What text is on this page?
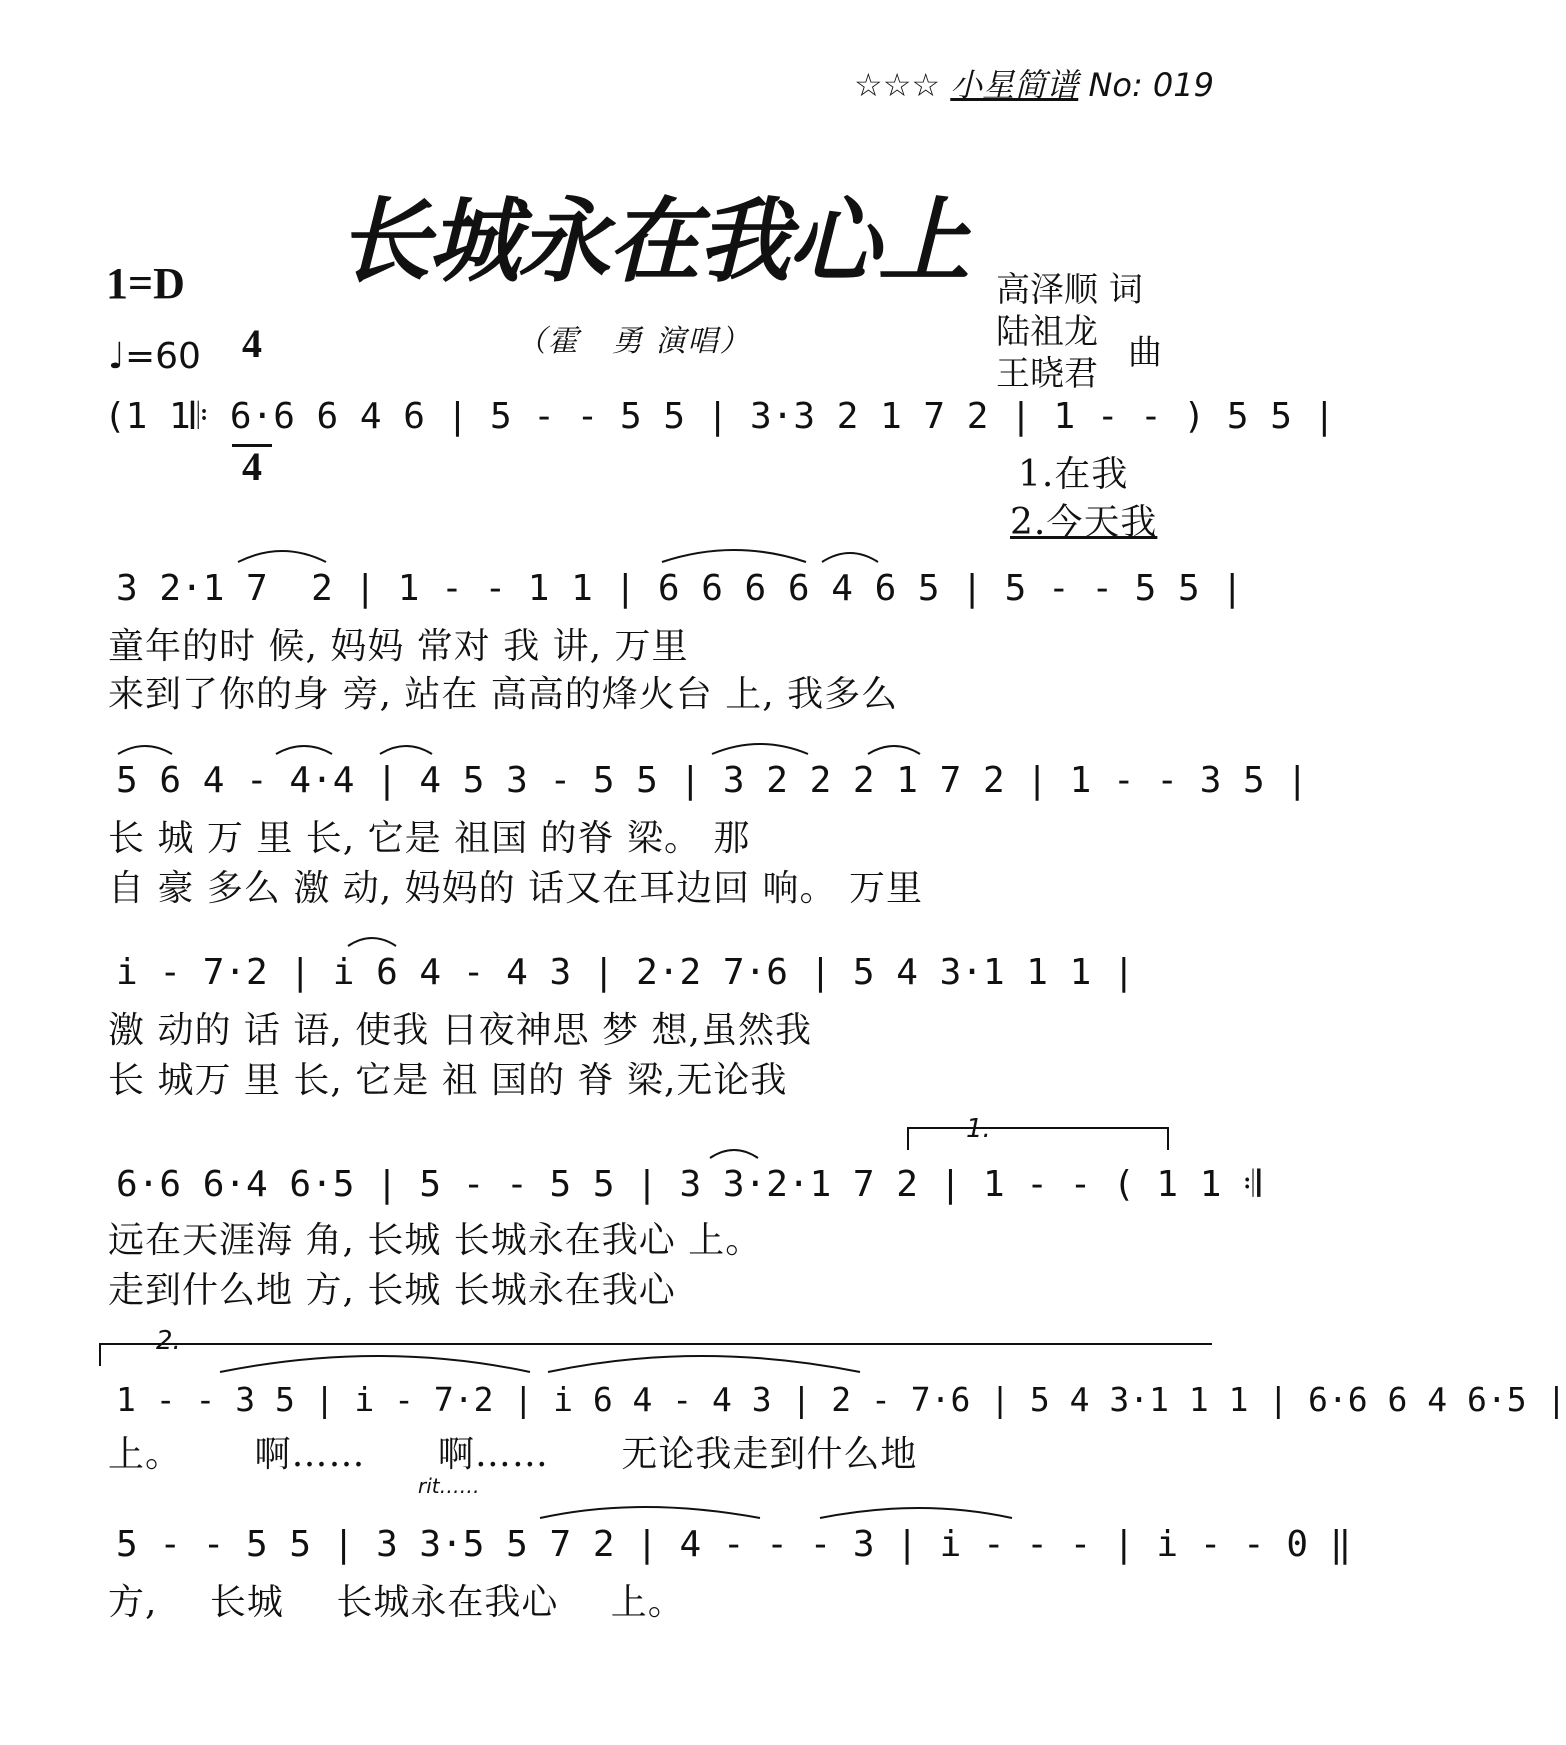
☆☆☆ 小星简谱 No: 019
长城永在我心上
1=D

$\frac{4}{4}$

♩=60	（霍　勇 演唱）
高泽顺 词
陆祖龙
王晓君
曲
(1 1𝄆 6·6 6 4 6 | 5 - - 5 5 | 3·3 2 1 7 2 | 1 - - ) 5 5 |
1.在我
2.今天我
3 2·1 7  2 | 1 - - 1 1 | 6 6 6 6 4 6 5 | 5 - - 5 5 |
童年的时 候, 妈妈 常对 我 讲, 万里
来到了你的身 旁, 站在 高高的烽火台 上, 我多么
5 6 4 - 4·4 | 4 5 3 - 5 5 | 3 2 2 2 1 7 2 | 1 - - 3 5 |
长 城 万 里 长, 它是 祖国 的脊 梁。 那
自 豪 多么 激 动, 妈妈的 话又在耳边回 响。 万里
i - 7·2 | i 6 4 - 4 3 | 2·2 7·6 | 5 4 3·1 1 1 |
激 动的 话 语, 使我 日夜神思 梦 想,虽然我
长 城万 里 长, 它是 祖 国的 脊 梁,无论我
1.
6·6 6·4 6·5 | 5 - - 5 5 | 3 3·2·1 7 2 | 1 - - ( 1 1 𝄇
远在天涯海 角, 长城 长城永在我心 上。
走到什么地 方, 长城 长城永在我心
2.
1 - - 3 5 | i - 7·2 | i 6 4 - 4 3 | 2 - 7·6 | 5 4 3·1 1 1 | 6·6 6 4 6·5 |
上。 啊…… 啊…… 无论我走到什么地
rit……
5 - - 5 5 | 3 3·5 5 7 2 | 4 - - - 3 | i - - - | i - - 0 ‖
方, 长城 长城永在我心 上。
